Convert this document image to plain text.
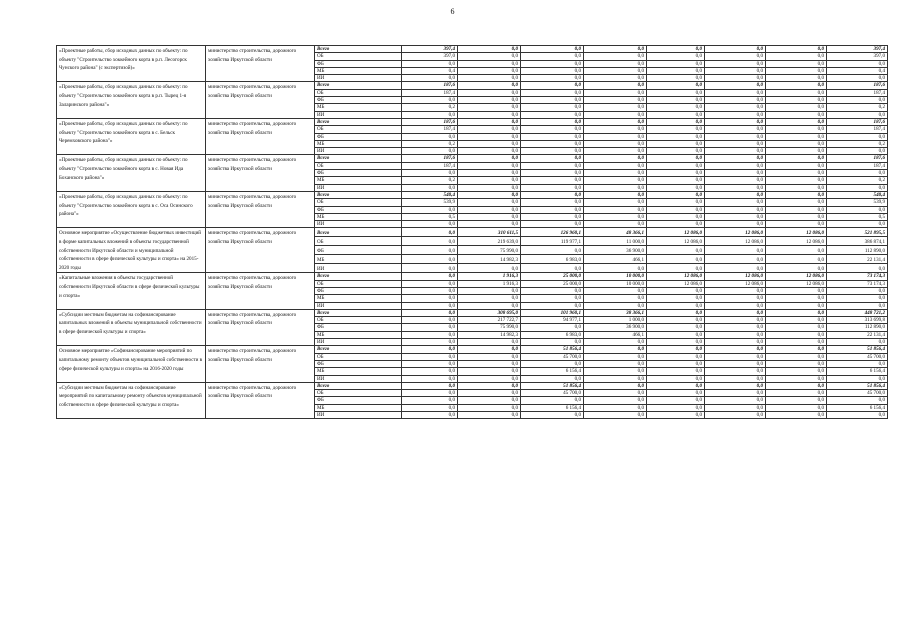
6
«Проектные работы, сбор исходных данных по объекту: по объекту "Строительство хоккейного корта в р.п. Лесогорск Чунского района" (с экспертизой)»	министерство строительства, дорожного хозяйства Иркутской области	Всего	397,4	0,0	0,0	0,0	0,0	0,0	0,0	397,4
		ОБ	397,0	0,0	0,0	0,0	0,0	0,0	0,0	397,0
		ФБ	0,0	0,0	0,0	0,0	0,0	0,0	0,0	0,0
		МБ	0,4	0,0	0,0	0,0	0,0	0,0	0,0	0,4
		ИИ	0,0	0,0	0,0	0,0	0,0	0,0	0,0	0,0
«Проектные работы, сбор исходных данных по объекту: по объекту "Строительство хоккейного корта в р.п. Тырец 1-я Заларинского района"»	министерство строительства, дорожного хозяйства Иркутской области	Всего	187,6	0,0	0,0	0,0	0,0	0,0	0,0	187,6
		ОБ	187,4	0,0	0,0	0,0	0,0	0,0	0,0	187,4
		ФБ	0,0	0,0	0,0	0,0	0,0	0,0	0,0	0,0
		МБ	0,2	0,0	0,0	0,0	0,0	0,0	0,0	0,2
		ИИ	0,0	0,0	0,0	0,0	0,0	0,0	0,0	0,0
«Проектные работы, сбор исходных данных по объекту: по объекту "Строительство хоккейного корта в с. Бельск Черемховского района"»	министерство строительства, дорожного хозяйства Иркутской области	Всего	187,6	0,0	0,0	0,0	0,0	0,0	0,0	187,6
		ОБ	187,4	0,0	0,0	0,0	0,0	0,0	0,0	187,4
		ФБ	0,0	0,0	0,0	0,0	0,0	0,0	0,0	0,0
		МБ	0,2	0,0	0,0	0,0	0,0	0,0	0,0	0,2
		ИИ	0,0	0,0	0,0	0,0	0,0	0,0	0,0	0,0
«Проектные работы, сбор исходных данных по объекту: по объекту "Строительство хоккейного корта в с. Новая Ида Боханского района"»	министерство строительства, дорожного хозяйства Иркутской области	Всего	187,6	0,0	0,0	0,0	0,0	0,0	0,0	187,6
		ОБ	187,4	0,0	0,0	0,0	0,0	0,0	0,0	187,4
		ФБ	0,0	0,0	0,0	0,0	0,0	0,0	0,0	0,0
		МБ	0,2	0,0	0,0	0,0	0,0	0,0	0,0	0,2
		ИИ	0,0	0,0	0,0	0,0	0,0	0,0	0,0	0,0
«Проектные работы, сбор исходных данных по объекту: по объекту "Строительство хоккейного корта в с. Оса Осинского района"»	министерство строительства, дорожного хозяйства Иркутской области	Всего	540,4	0,0	0,0	0,0	0,0	0,0	0,0	540,4
		ОБ	539,9	0,0	0,0	0,0	0,0	0,0	0,0	539,9
		ФБ	0,0	0,0	0,0	0,0	0,0	0,0	0,0	0,0
		МБ	0,5	0,0	0,0	0,0	0,0	0,0	0,0	0,5
		ИИ	0,0	0,0	0,0	0,0	0,0	0,0	0,0	0,0
Основное мероприятие «Осуществление бюджетных инвестиций в форме капитальных вложений в объекты государственной собственности Иркутской области и муниципальной собственности в сфере физической культуры и спорта» на 2015-2020 годы	министерство строительства, дорожного хозяйства Иркутской области	Всего	0,0	310 611,5	126 960,1	48 366,1	12 086,0	12 086,0	12 086,0	521 895,5
		ОБ	0,0	219 639,0	119 977,1	11 000,0	12 086,0	12 086,0	12 086,0	386 874,1
		ФБ	0,0	75 990,0	0,0	36 900,0	0,0	0,0	0,0	112 890,0
		МБ	0,0	14 982,3	6 983,0	466,1	0,0	0,0	0,0	22 131,4
		ИИ	0,0	0,0	0,0	0,0	0,0	0,0	0,0	0,0
«Капитальные вложения в объекты государственной собственности Иркутской области в сфере физической культуры и спорта»	министерство строительства, дорожного хозяйства Иркутской области	Всего	0,0	1 916,3	25 000,0	10 000,0	12 086,0	12 086,0	12 086,0	73 174,3
		ОБ	0,0	1 916,3	25 000,0	10 000,0	12 086,0	12 086,0	12 086,0	73 174,3
		ФБ	0,0	0,0	0,0	0,0	0,0	0,0	0,0	0,0
		МБ	0,0	0,0	0,0	0,0	0,0	0,0	0,0	0,0
		ИИ	0,0	0,0	0,0	0,0	0,0	0,0	0,0	0,0
«Субсидии местным бюджетам на софинансирование капитальных вложений в объекты муниципальной собственности в сфере физической культуры и спорта»	министерство строительства, дорожного хозяйства Иркутской области	Всего	0,0	308 695,0	101 960,1	38 366,1	0,0	0,0	0,0	448 721,2
		ОБ	0,0	217 722,7	94 977,1	1 000,0	0,0	0,0	0,0	313 699,8
		ФБ	0,0	75 990,0	0,0	36 900,0	0,0	0,0	0,0	112 890,0
		МБ	0,0	14 982,3	6 983,0	466,1	0,0	0,0	0,0	22 131,4
		ИИ	0,0	0,0	0,0	0,0	0,0	0,0	0,0	0,0
Основное мероприятие «Софинансирование мероприятий по капитальному ремонту объектов муниципальной собственности в сфере физической культуры и спорта» на 2016-2020 годы	министерство строительства, дорожного хозяйства Иркутской области	Всего	0,0	0,0	51 856,4	0,0	0,0	0,0	0,0	51 856,4
		ОБ	0,0	0,0	45 700,0	0,0	0,0	0,0	0,0	45 700,0
		ФБ	0,0	0,0	0,0	0,0	0,0	0,0	0,0	0,0
		МБ	0,0	0,0	6 156,4	0,0	0,0	0,0	0,0	6 156,4
		ИИ	0,0	0,0	0,0	0,0	0,0	0,0	0,0	0,0
«Субсидии местным бюджетам на софинансирование мероприятий по капитальному ремонту объектов муниципальной собственности в сфере физической культуры и спорта»	министерство строительства, дорожного хозяйства Иркутской области	Всего	0,0	0,0	51 856,4	0,0	0,0	0,0	0,0	51 856,4
		ОБ	0,0	0,0	45 700,0	0,0	0,0	0,0	0,0	45 700,0
		ФБ	0,0	0,0	0,0	0,0	0,0	0,0	0,0	0,0
		МБ	0,0	0,0	6 156,4	0,0	0,0	0,0	0,0	6 156,4
		ИИ	0,0	0,0	0,0	0,0	0,0	0,0	0,0	0,0
